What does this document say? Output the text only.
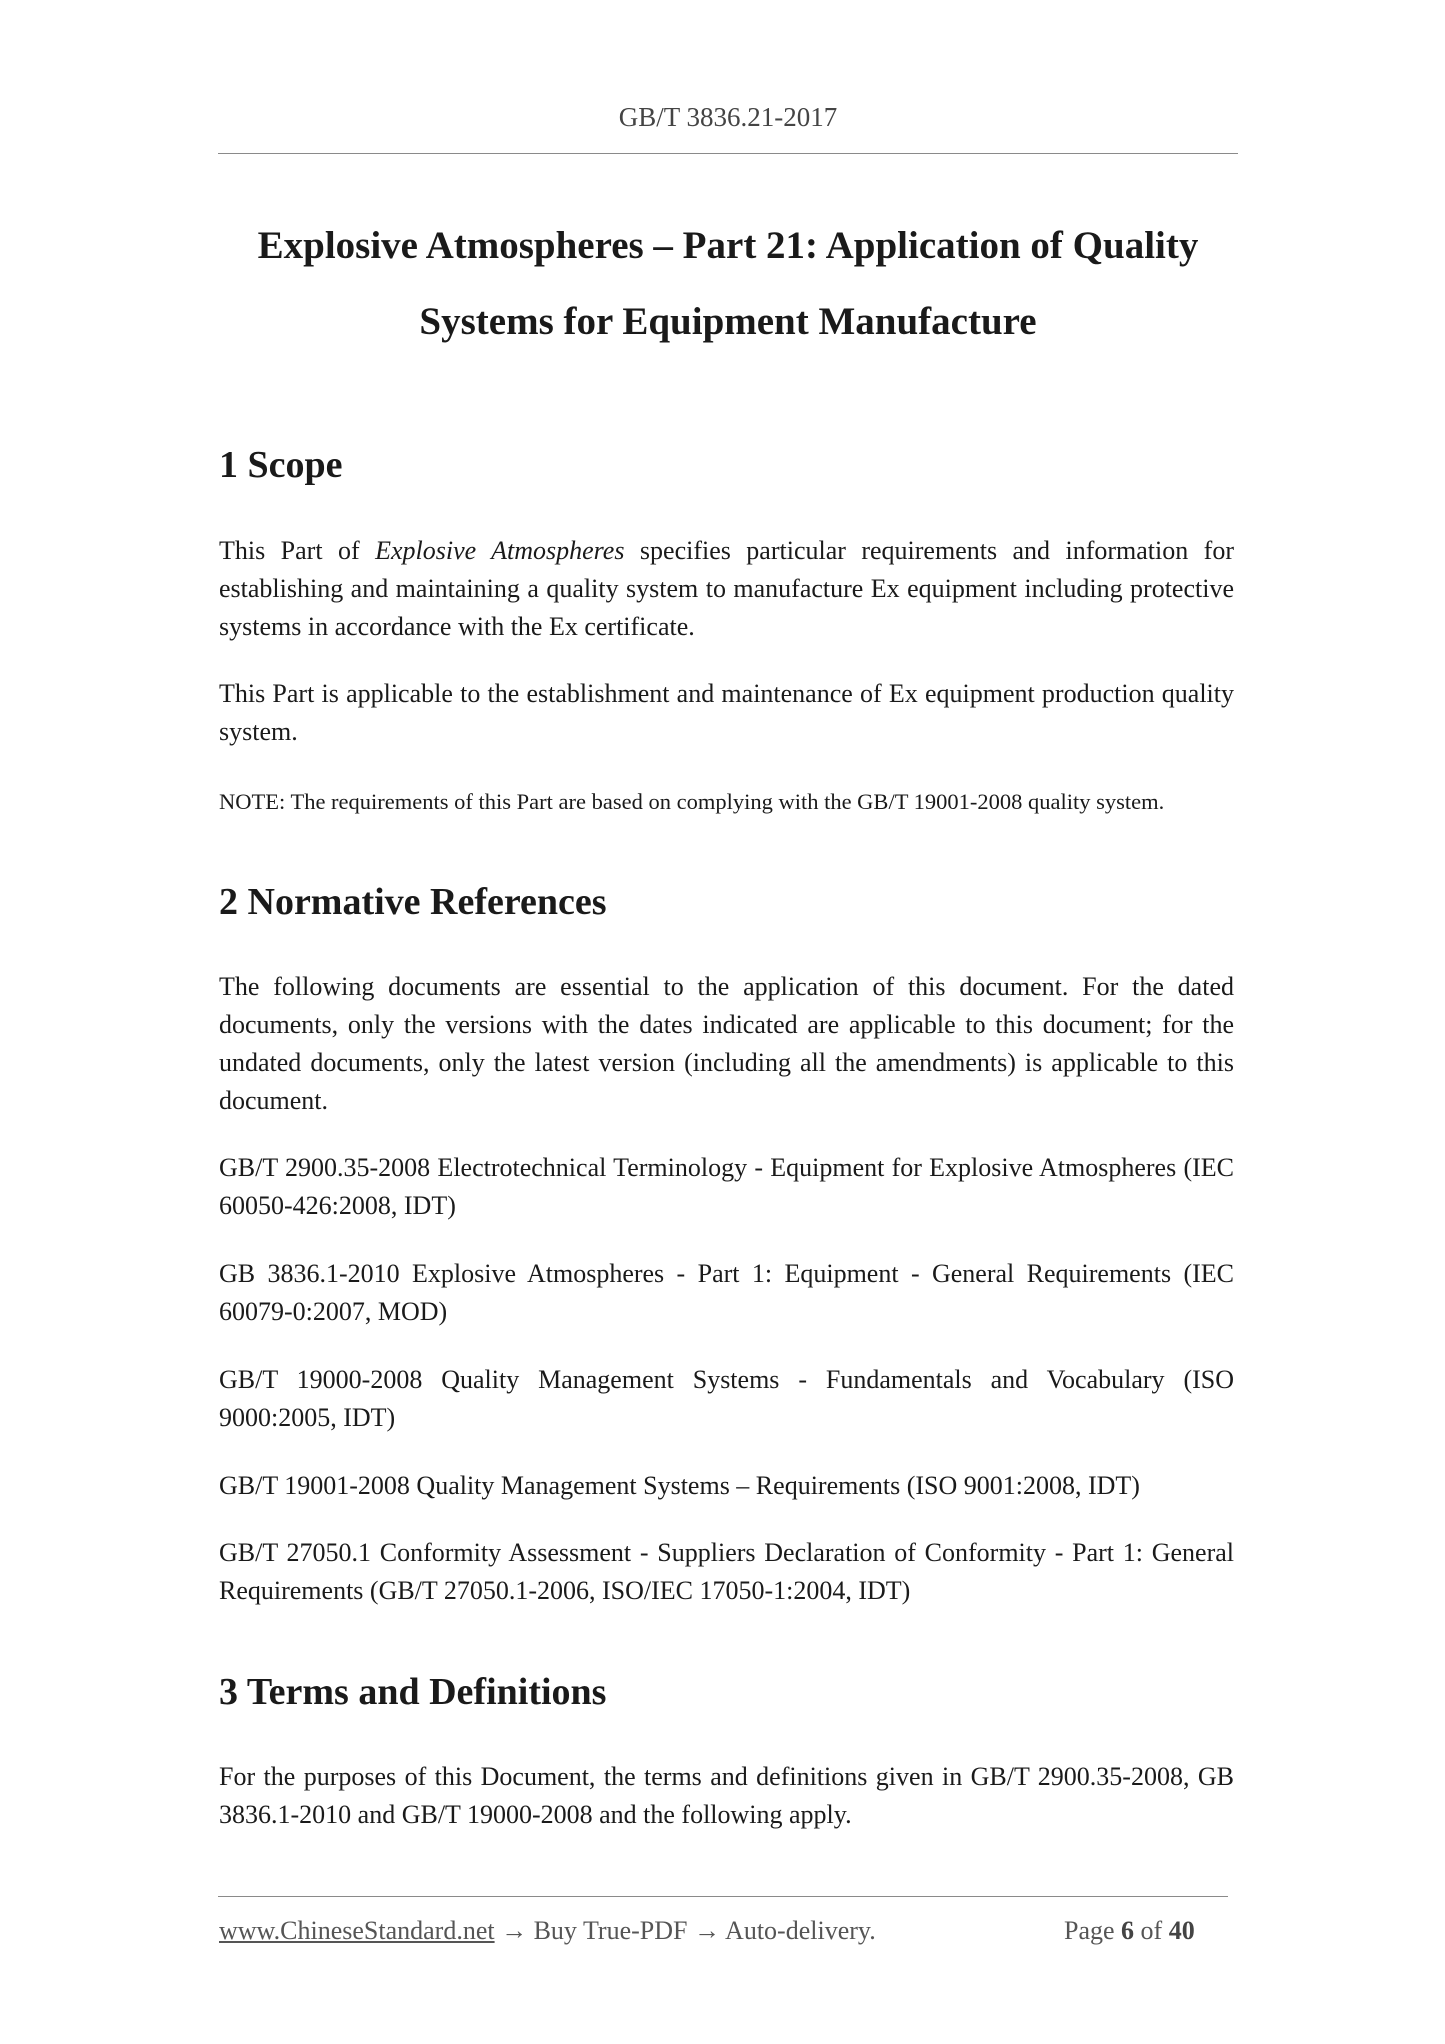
GB/T 3836.21-2017
Explosive Atmospheres – Part 21: Application of Quality
Systems for Equipment Manufacture
1 Scope

This Part of Explosive Atmospheres specifies particular requirements and information for establishing and maintaining a quality system to manufacture Ex equipment including protective systems in accordance with the Ex certificate.

This Part is applicable to the establishment and maintenance of Ex equipment production quality system.

NOTE: The requirements of this Part are based on complying with the GB/T 19001-2008 quality system.

2 Normative References

The following documents are essential to the application of this document. For the dated documents, only the versions with the dates indicated are applicable to this document; for the undated documents, only the latest version (including all the amendments) is applicable to this document.

GB/T 2900.35-2008 Electrotechnical Terminology - Equipment for Explosive Atmospheres (IEC 60050-426:2008, IDT)

GB 3836.1-2010 Explosive Atmospheres - Part 1: Equipment - General Requirements (IEC 60079-0:2007, MOD)

GB/T 19000-2008 Quality Management Systems - Fundamentals and Vocabulary (ISO 9000:2005, IDT)

GB/T 19001-2008 Quality Management Systems – Requirements (ISO 9001:2008, IDT)

GB/T 27050.1 Conformity Assessment - Suppliers Declaration of Conformity - Part 1: General Requirements (GB/T 27050.1-2006, ISO/IEC 17050-1:2004, IDT)

3 Terms and Definitions

For the purposes of this Document, the terms and definitions given in GB/T 2900.35-2008, GB 3836.1-2010 and GB/T 19000-2008 and the following apply.

www.ChineseStandard.net → Buy True-PDF → Auto-delivery.	Page 6 of 40
